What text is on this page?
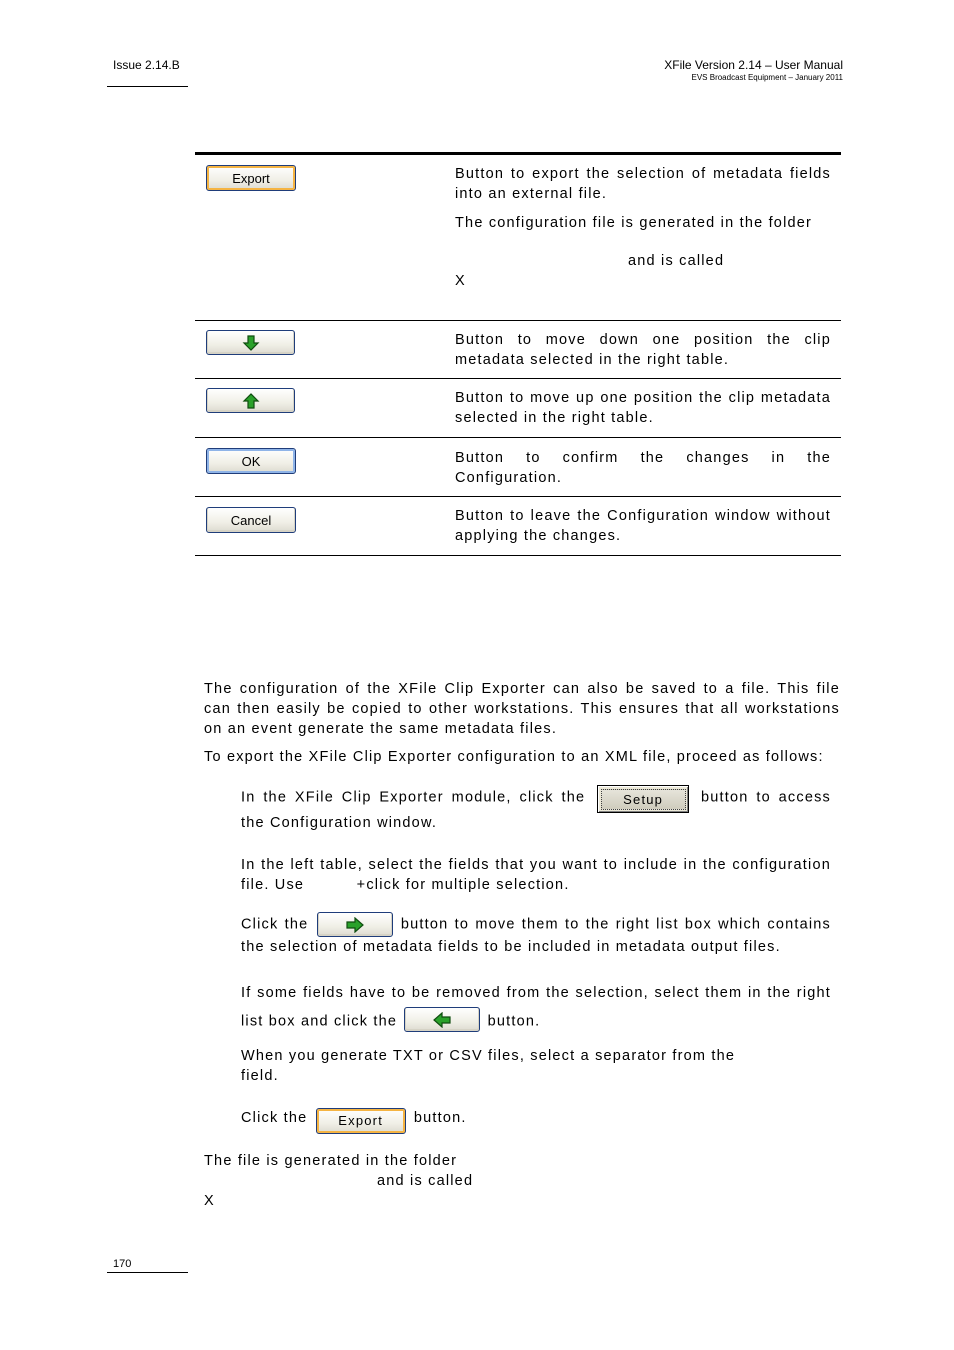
Issue 2.14.B	XFile Version 2.14 – User Manual
EVS Broadcast Equipment – January 2011
Export	Button to export the selection of metadata fields into an external file.

The configuration file is generated in the folder

and is called

X

Button to move down one position the clip metadata selected in the right table.
Button to move up one position the clip metadata selected in the right table.
OK	Button to confirm the changes in the Configuration.
Cancel	Button to leave the Configuration window without applying the changes.

The configuration of the XFile Clip Exporter can also be saved to a file. This file can then easily be copied to other workstations. This ensures that all workstations on an event generate the same metadata files.

To export the XFile Clip Exporter configuration to an XML file, proceed as follows:

In the XFile Clip Exporter module, click the	Setup	button to access the Configuration window.

In the left table, select the fields that you want to include in the configuration file. Use	+click for multiple selection.

Click the	button to move them to the right list box which contains the selection of metadata fields to be included in metadata output files.

If some fields have to be removed from the selection, select them in the right list box and click the	button.

When you generate TXT or CSV files, select a separator from the

field.

Click the Export button.

The file is generated in the folder

and is called

X

170
